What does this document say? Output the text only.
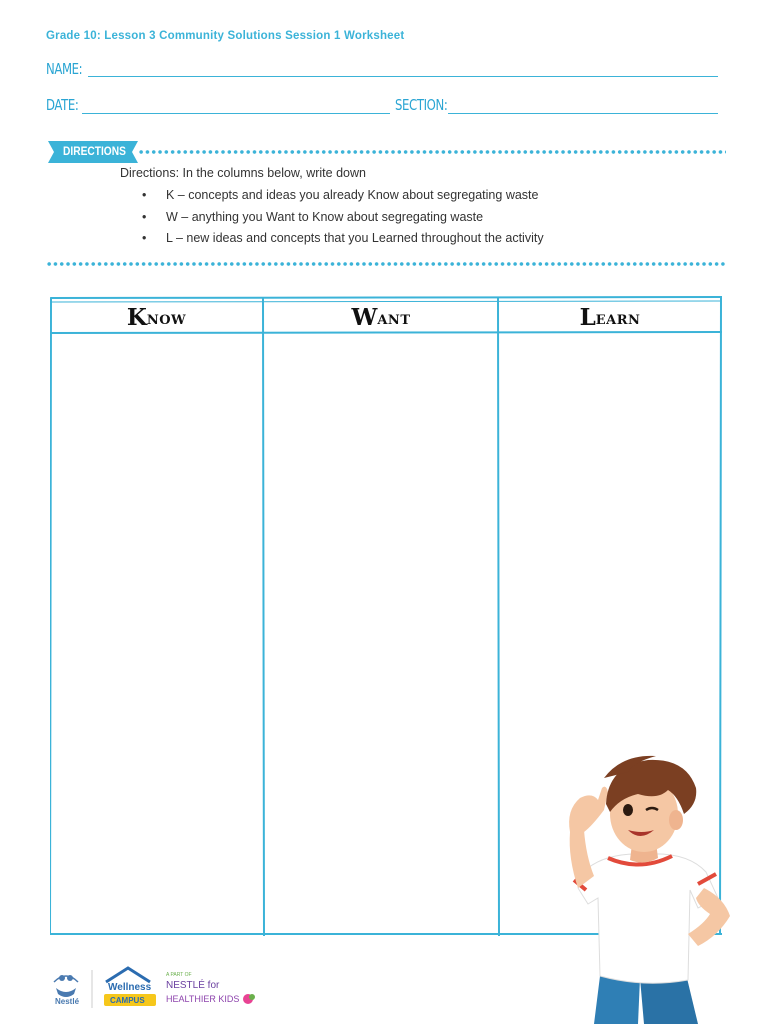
Grade 10: Lesson 3 Community Solutions Session 1 Worksheet
NAME:
DATE:	SECTION:
DIRECTIONS
Directions: In the columns below, write down
• K – concepts and ideas you already Know about segregating waste
• W – anything you Want to Know about segregating waste
• L – new ideas and concepts that you Learned throughout the activity
K NOW	W ANT	L EARN
Nestlé
Wellness
CAMPUS
A PART OF
NESTLÉ for
HEALTHIER KIDS
